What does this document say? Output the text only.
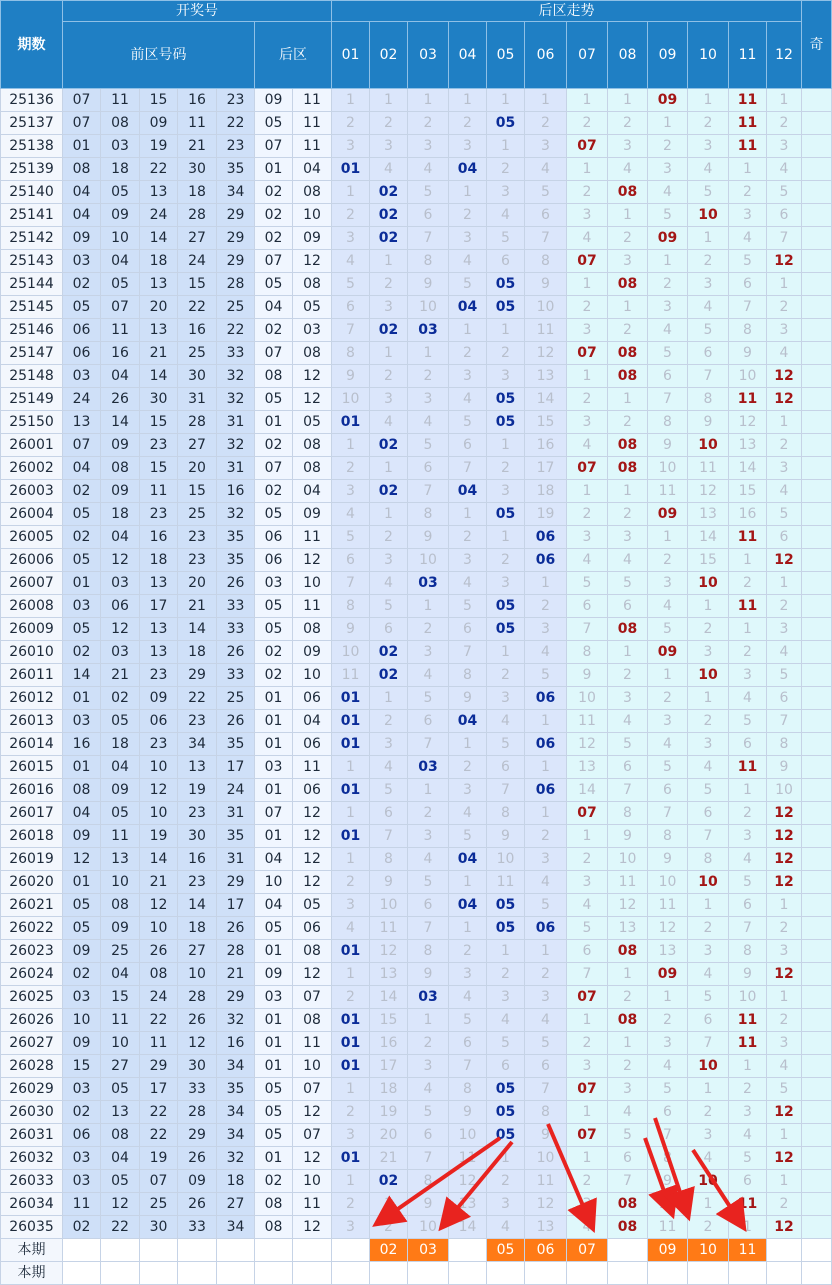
期数	开奖号							后区走势												奇
	前区号码					后区		01	02	03	04	05	06	07	08	09	10	11	12	
25136	07	11	15	16	23	09	11	1	1	1	1	1	1	1	1	09	1	11	1	
25137	07	08	09	11	22	05	11	2	2	2	2	05	2	2	2	1	2	11	2	
25138	01	03	19	21	23	07	11	3	3	3	3	1	3	07	3	2	3	11	3	
25139	08	18	22	30	35	01	04	01	4	4	04	2	4	1	4	3	4	1	4	
25140	04	05	13	18	34	02	08	1	02	5	1	3	5	2	08	4	5	2	5	
25141	04	09	24	28	29	02	10	2	02	6	2	4	6	3	1	5	10	3	6	
25142	09	10	14	27	29	02	09	3	02	7	3	5	7	4	2	09	1	4	7	
25143	03	04	18	24	29	07	12	4	1	8	4	6	8	07	3	1	2	5	12	
25144	02	05	13	15	28	05	08	5	2	9	5	05	9	1	08	2	3	6	1	
25145	05	07	20	22	25	04	05	6	3	10	04	05	10	2	1	3	4	7	2	
25146	06	11	13	16	22	02	03	7	02	03	1	1	11	3	2	4	5	8	3	
25147	06	16	21	25	33	07	08	8	1	1	2	2	12	07	08	5	6	9	4	
25148	03	04	14	30	32	08	12	9	2	2	3	3	13	1	08	6	7	10	12	
25149	24	26	30	31	32	05	12	10	3	3	4	05	14	2	1	7	8	11	12	
25150	13	14	15	28	31	01	05	01	4	4	5	05	15	3	2	8	9	12	1	
26001	07	09	23	27	32	02	08	1	02	5	6	1	16	4	08	9	10	13	2	
26002	04	08	15	20	31	07	08	2	1	6	7	2	17	07	08	10	11	14	3	
26003	02	09	11	15	16	02	04	3	02	7	04	3	18	1	1	11	12	15	4	
26004	05	18	23	25	32	05	09	4	1	8	1	05	19	2	2	09	13	16	5	
26005	02	04	16	23	35	06	11	5	2	9	2	1	06	3	3	1	14	11	6	
26006	05	12	18	23	35	06	12	6	3	10	3	2	06	4	4	2	15	1	12	
26007	01	03	13	20	26	03	10	7	4	03	4	3	1	5	5	3	10	2	1	
26008	03	06	17	21	33	05	11	8	5	1	5	05	2	6	6	4	1	11	2	
26009	05	12	13	14	33	05	08	9	6	2	6	05	3	7	08	5	2	1	3	
26010	02	03	13	18	26	02	09	10	02	3	7	1	4	8	1	09	3	2	4	
26011	14	21	23	29	33	02	10	11	02	4	8	2	5	9	2	1	10	3	5	
26012	01	02	09	22	25	01	06	01	1	5	9	3	06	10	3	2	1	4	6	
26013	03	05	06	23	26	01	04	01	2	6	04	4	1	11	4	3	2	5	7	
26014	16	18	23	34	35	01	06	01	3	7	1	5	06	12	5	4	3	6	8	
26015	01	04	10	13	17	03	11	1	4	03	2	6	1	13	6	5	4	11	9	
26016	08	09	12	19	24	01	06	01	5	1	3	7	06	14	7	6	5	1	10	
26017	04	05	10	23	31	07	12	1	6	2	4	8	1	07	8	7	6	2	12	
26018	09	11	19	30	35	01	12	01	7	3	5	9	2	1	9	8	7	3	12	
26019	12	13	14	16	31	04	12	1	8	4	04	10	3	2	10	9	8	4	12	
26020	01	10	21	23	29	10	12	2	9	5	1	11	4	3	11	10	10	5	12	
26021	05	08	12	14	17	04	05	3	10	6	04	05	5	4	12	11	1	6	1	
26022	05	09	10	18	26	05	06	4	11	7	1	05	06	5	13	12	2	7	2	
26023	09	25	26	27	28	01	08	01	12	8	2	1	1	6	08	13	3	8	3	
26024	02	04	08	10	21	09	12	1	13	9	3	2	2	7	1	09	4	9	12	
26025	03	15	24	28	29	03	07	2	14	03	4	3	3	07	2	1	5	10	1	
26026	10	11	22	26	32	01	08	01	15	1	5	4	4	1	08	2	6	11	2	
26027	09	10	11	12	16	01	11	01	16	2	6	5	5	2	1	3	7	11	3	
26028	15	27	29	30	34	01	10	01	17	3	7	6	6	3	2	4	10	1	4	
26029	03	05	17	33	35	05	07	1	18	4	8	05	7	07	3	5	1	2	5	
26030	02	13	22	28	34	05	12	2	19	5	9	05	8	1	4	6	2	3	12	
26031	06	08	22	29	34	05	07	3	20	6	10	05	9	07	5	7	3	4	1	
26032	03	04	19	26	32	01	12	01	21	7	11	1	10	1	6	8	4	5	12	
26033	03	05	07	09	18	02	10	1	02	8	12	2	11	2	7	9	10	6	1	
26034	11	12	25	26	27	08	11	2	1	9	13	3	12	3	08	10	1	11	2	
26035	02	22	30	33	34	08	12	3	2	10	14	4	13	4	08	11	2	1	12	
本期									02	03		05	06	07		09	10	11		
本期																				
